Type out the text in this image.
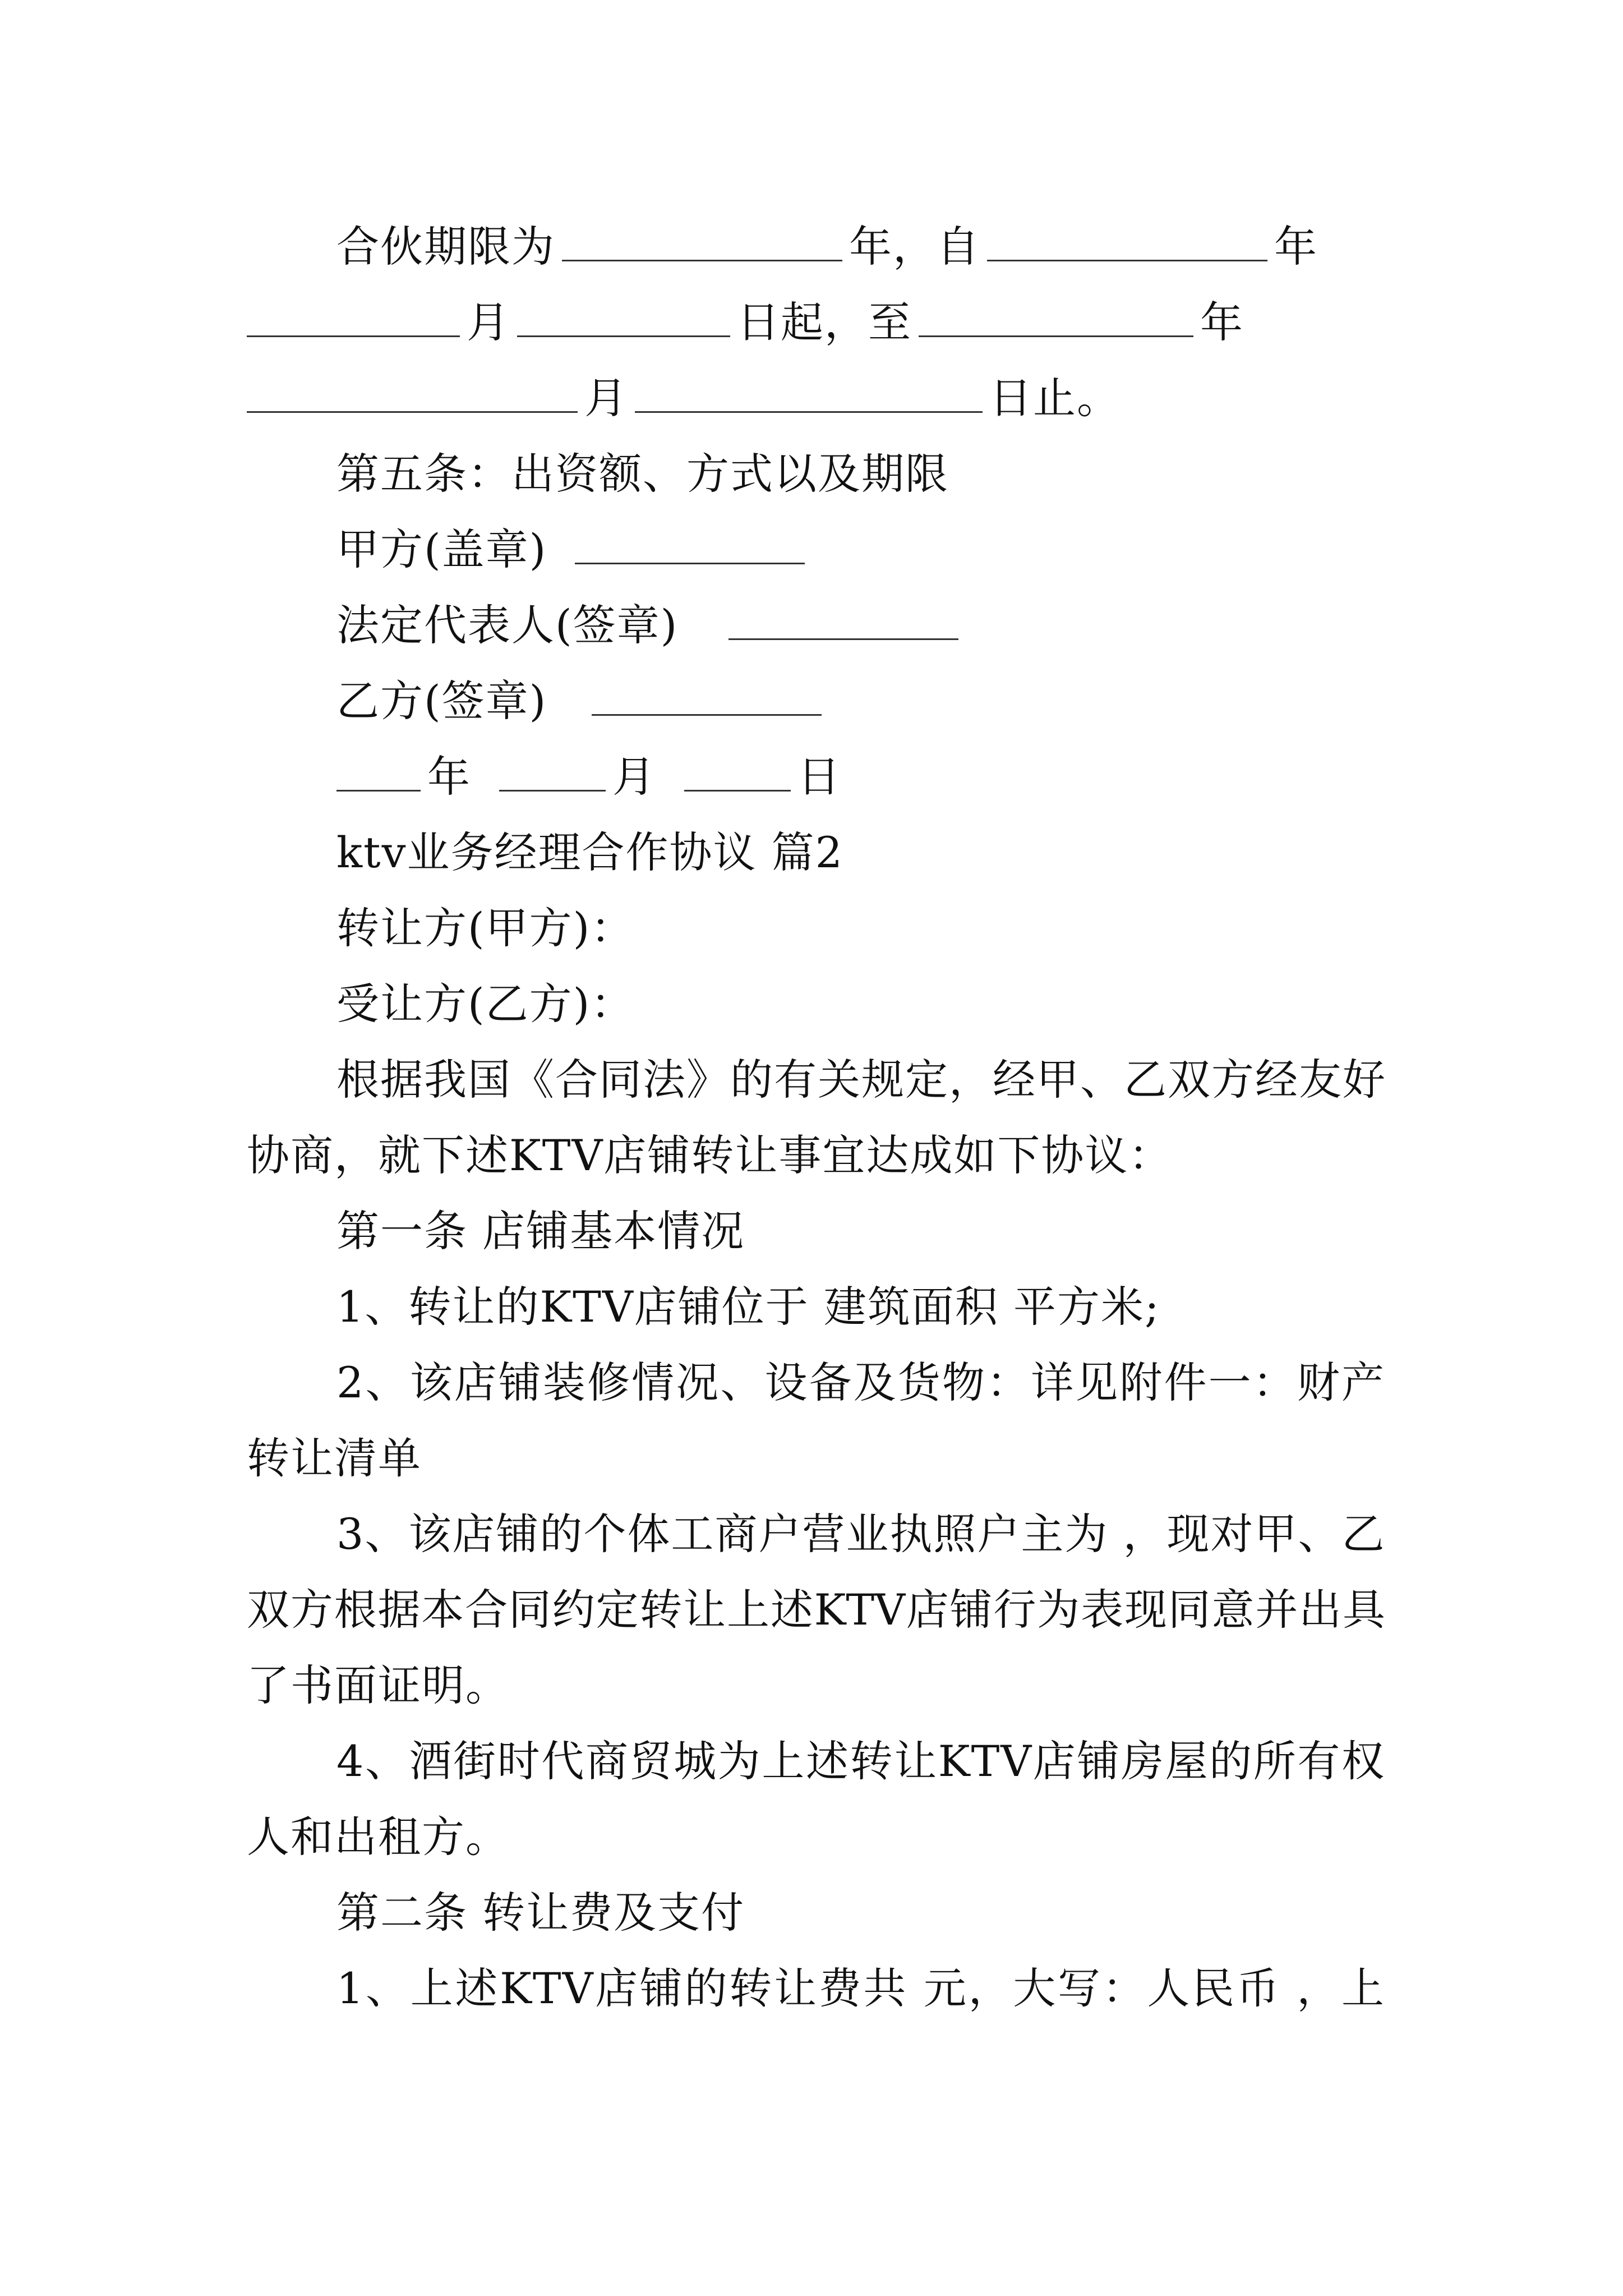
合伙期限为	年，自	年
月	日起，至	年
月	日止。
第五条：出资额、方式以及期限
甲方(盖章)
法定代表人(签章)
乙方(签章)
年	月	日
ktv业务经理合作协议 篇2
转让方(甲方)：
受让方(乙方)：
根据我国《合同法》的有关规定，经甲、乙双方经友好
协商，就下述KTV店铺转让事宜达成如下协议：
第一条 店铺基本情况
1、转让的KTV店铺位于 建筑面积 平方米;
2、该店铺装修情况、设备及货物：详见附件一：财产
转让清单
3、该店铺的个体工商户营业执照户主为 ，现对甲、乙
双方根据本合同约定转让上述KTV店铺行为表现同意并出具
了书面证明。
4、酒街时代商贸城为上述转让KTV店铺房屋的所有权
人和出租方。
第二条 转让费及支付
1、上述KTV店铺的转让费共 元，大写：人民币 ，上
